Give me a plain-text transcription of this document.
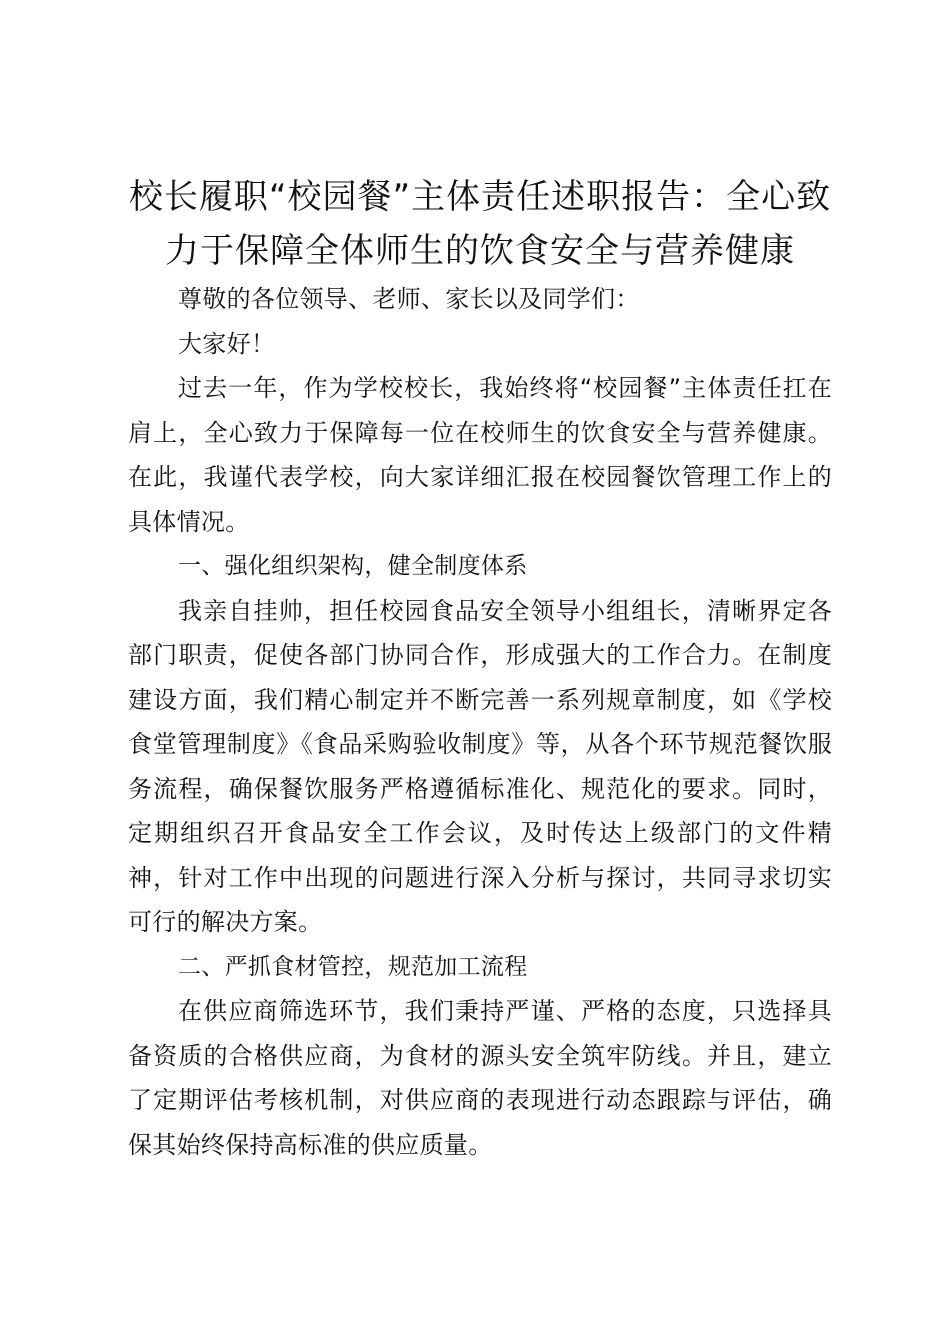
校长履职“校园餐”主体责任述职报告：全心致力于保障全体师生的饮食安全与营养健康

尊敬的各位领导、老师、家长以及同学们：

大家好！

过去一年，作为学校校长，我始终将“校园餐”主体责任扛在肩上，全心致力于保障每一位在校师生的饮食安全与营养健康。在此，我谨代表学校，向大家详细汇报在校园餐饮管理工作上的具体情况。

一、强化组织架构，健全制度体系

我亲自挂帅，担任校园食品安全领导小组组长，清晰界定各部门职责，促使各部门协同合作，形成强大的工作合力。在制度建设方面，我们精心制定并不断完善一系列规章制度，如《学校食堂管理制度》《食品采购验收制度》等，从各个环节规范餐饮服务流程，确保餐饮服务严格遵循标准化、规范化的要求。同时，定期组织召开食品安全工作会议，及时传达上级部门的文件精神，针对工作中出现的问题进行深入分析与探讨，共同寻求切实可行的解决方案。

二、严抓食材管控，规范加工流程

在供应商筛选环节，我们秉持严谨、严格的态度，只选择具备资质的合格供应商，为食材的源头安全筑牢防线。并且，建立了定期评估考核机制，对供应商的表现进行动态跟踪与评估，确保其始终保持高标准的供应质量。
